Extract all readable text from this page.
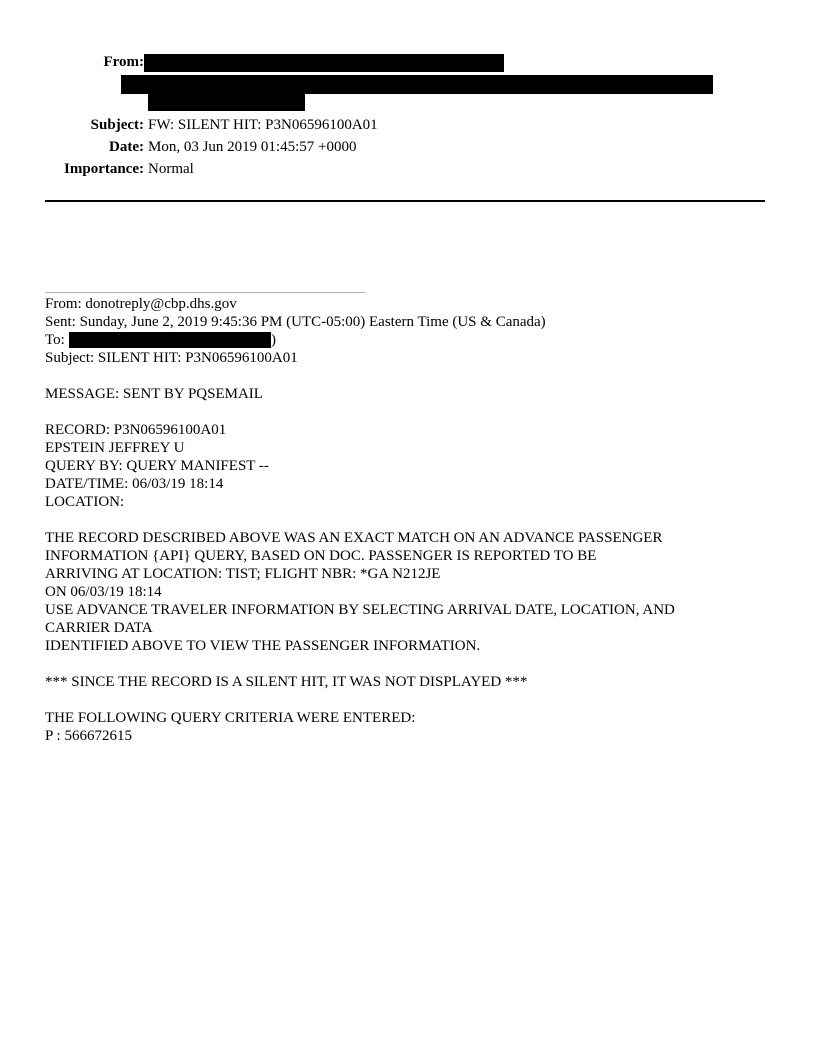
From:
Subject: FW: SILENT HIT: P3N06596100A01
Date: Mon, 03 Jun 2019 01:45:57 +0000
Importance: Normal
From: donotreply@cbp.dhs.gov
Sent: Sunday, June 2, 2019 9:45:36 PM (UTC-05:00) Eastern Time (US & Canada)
To:	)
Subject: SILENT HIT: P3N06596100A01
MESSAGE: SENT BY PQSEMAIL
RECORD: P3N06596100A01
EPSTEIN JEFFREY U
QUERY BY: QUERY MANIFEST --
DATE/TIME: 06/03/19 18:14
LOCATION:
THE RECORD DESCRIBED ABOVE WAS AN EXACT MATCH ON AN ADVANCE PASSENGER
INFORMATION {API} QUERY, BASED ON DOC. PASSENGER IS REPORTED TO BE
ARRIVING AT LOCATION: TIST; FLIGHT NBR: *GA N212JE
ON 06/03/19 18:14
USE ADVANCE TRAVELER INFORMATION BY SELECTING ARRIVAL DATE, LOCATION, AND
CARRIER DATA
IDENTIFIED ABOVE TO VIEW THE PASSENGER INFORMATION.
*** SINCE THE RECORD IS A SILENT HIT, IT WAS NOT DISPLAYED ***
THE FOLLOWING QUERY CRITERIA WERE ENTERED:
P : 566672615
